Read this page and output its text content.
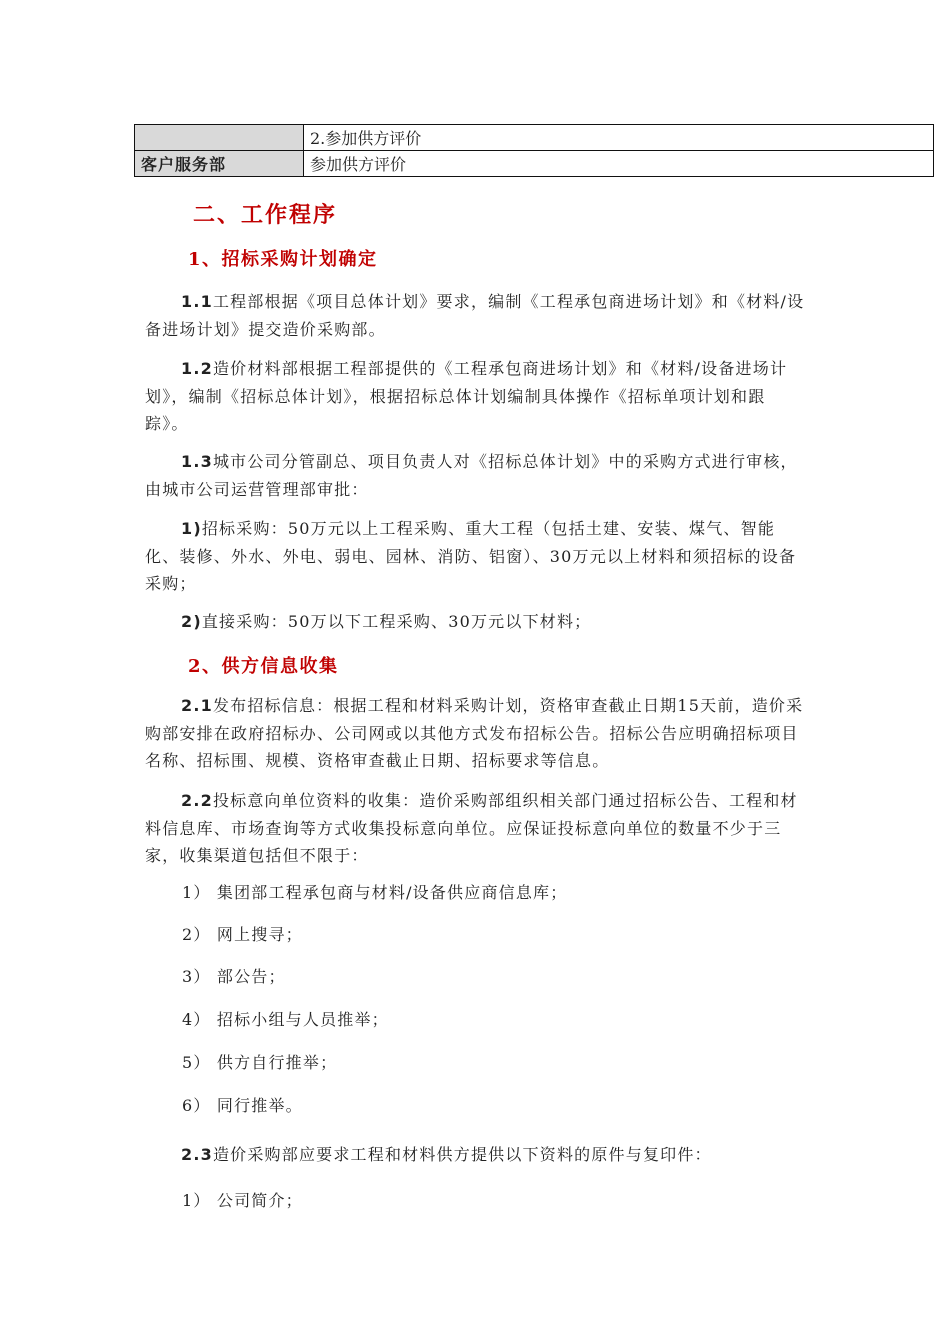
	2.参加供方评价
客户服务部	参加供方评价
二、工作程序
1、招标采购计划确定

1.1工程部根据《项目总体计划》要求，编制《工程承包商进场计划》和《材料/设备进场计划》提交造价采购部。

1.2造价材料部根据工程部提供的《工程承包商进场计划》和《材料/设备进场计划》，编制《招标总体计划》，根据招标总体计划编制具体操作《招标单项计划和跟踪》。

1.3城市公司分管副总、项目负责人对《招标总体计划》中的采购方式进行审核，由城市公司运营管理部审批：

1)招标采购：50万元以上工程采购、重大工程（包括土建、安装、煤气、智能化、装修、外水、外电、弱电、园林、消防、铝窗）、30万元以上材料和须招标的设备采购；

2)直接采购：50万以下工程采购、30万元以下材料；

2、供方信息收集

2.1发布招标信息：根据工程和材料采购计划，资格审查截止日期15天前，造价采购部安排在政府招标办、公司网或以其他方式发布招标公告。招标公告应明确招标项目名称、招标围、规模、资格审查截止日期、招标要求等信息。

2.2投标意向单位资料的收集：造价采购部组织相关部门通过招标公告、工程和材料信息库、市场查询等方式收集投标意向单位。应保证投标意向单位的数量不少于三家，收集渠道包括但不限于：

1） 集团部工程承包商与材料/设备供应商信息库；

2） 网上搜寻；

3） 部公告；

4） 招标小组与人员推举；

5） 供方自行推举；

6） 同行推举。

2.3造价采购部应要求工程和材料供方提供以下资料的原件与复印件：

1） 公司简介；
